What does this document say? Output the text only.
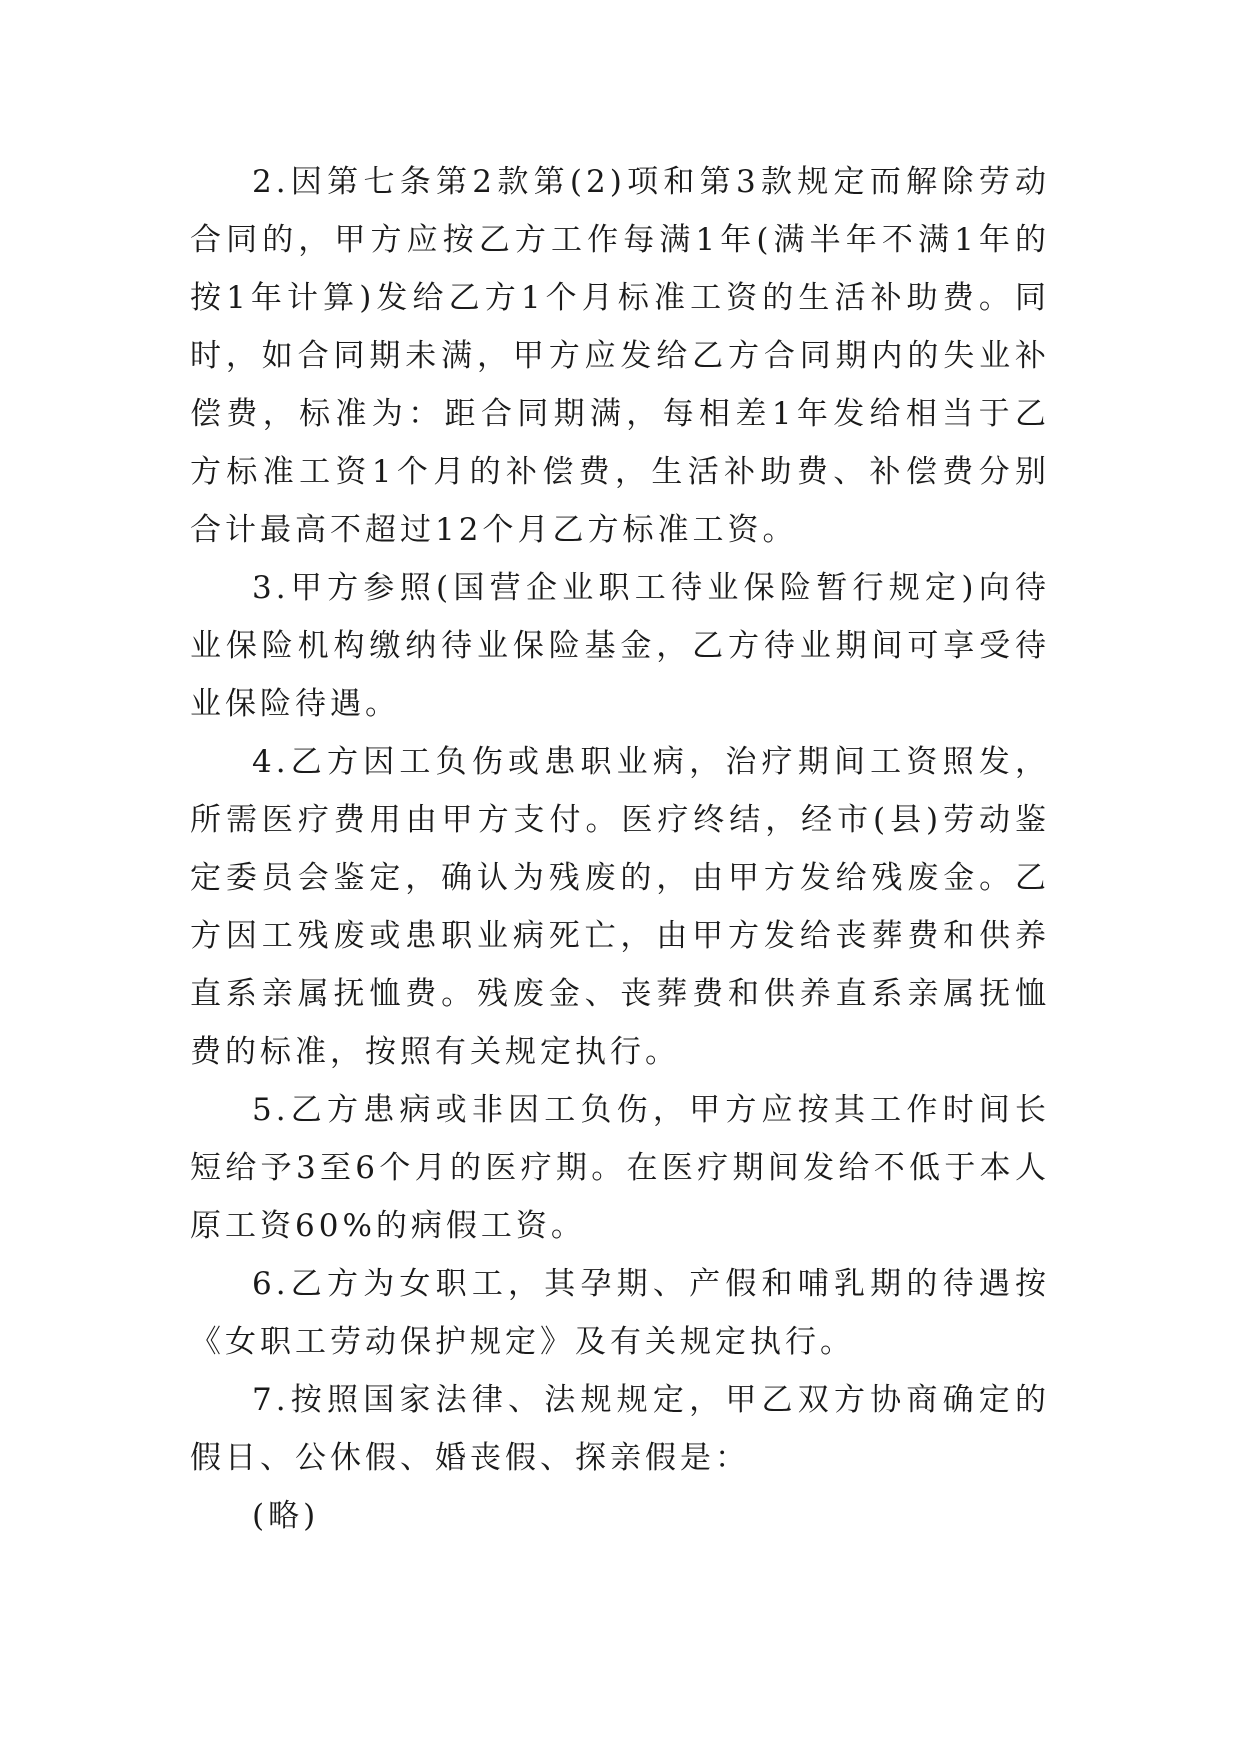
2.因第七条第2款第(2)项和第3款规定而解除劳动合同的，甲方应按乙方工作每满1年(满半年不满1年的按1年计算)发给乙方1个月标准工资的生活补助费。同时，如合同期未满，甲方应发给乙方合同期内的失业补偿费，标准为：距合同期满，每相差1年发给相当于乙方标准工资1个月的补偿费，生活补助费、补偿费分别合计最高不超过12个月乙方标准工资。

3.甲方参照(国营企业职工待业保险暂行规定)向待业保险机构缴纳待业保险基金，乙方待业期间可享受待业保险待遇。

4.乙方因工负伤或患职业病，治疗期间工资照发，所需医疗费用由甲方支付。医疗终结，经市(县)劳动鉴定委员会鉴定，确认为残废的，由甲方发给残废金。乙方因工残废或患职业病死亡，由甲方发给丧葬费和供养直系亲属抚恤费。残废金、丧葬费和供养直系亲属抚恤费的标准，按照有关规定执行。

5.乙方患病或非因工负伤，甲方应按其工作时间长短给予3至6个月的医疗期。在医疗期间发给不低于本人原工资60%的病假工资。

6.乙方为女职工，其孕期、产假和哺乳期的待遇按《女职工劳动保护规定》及有关规定执行。

7.按照国家法律、法规规定，甲乙双方协商确定的假日、公休假、婚丧假、探亲假是：

(略)
